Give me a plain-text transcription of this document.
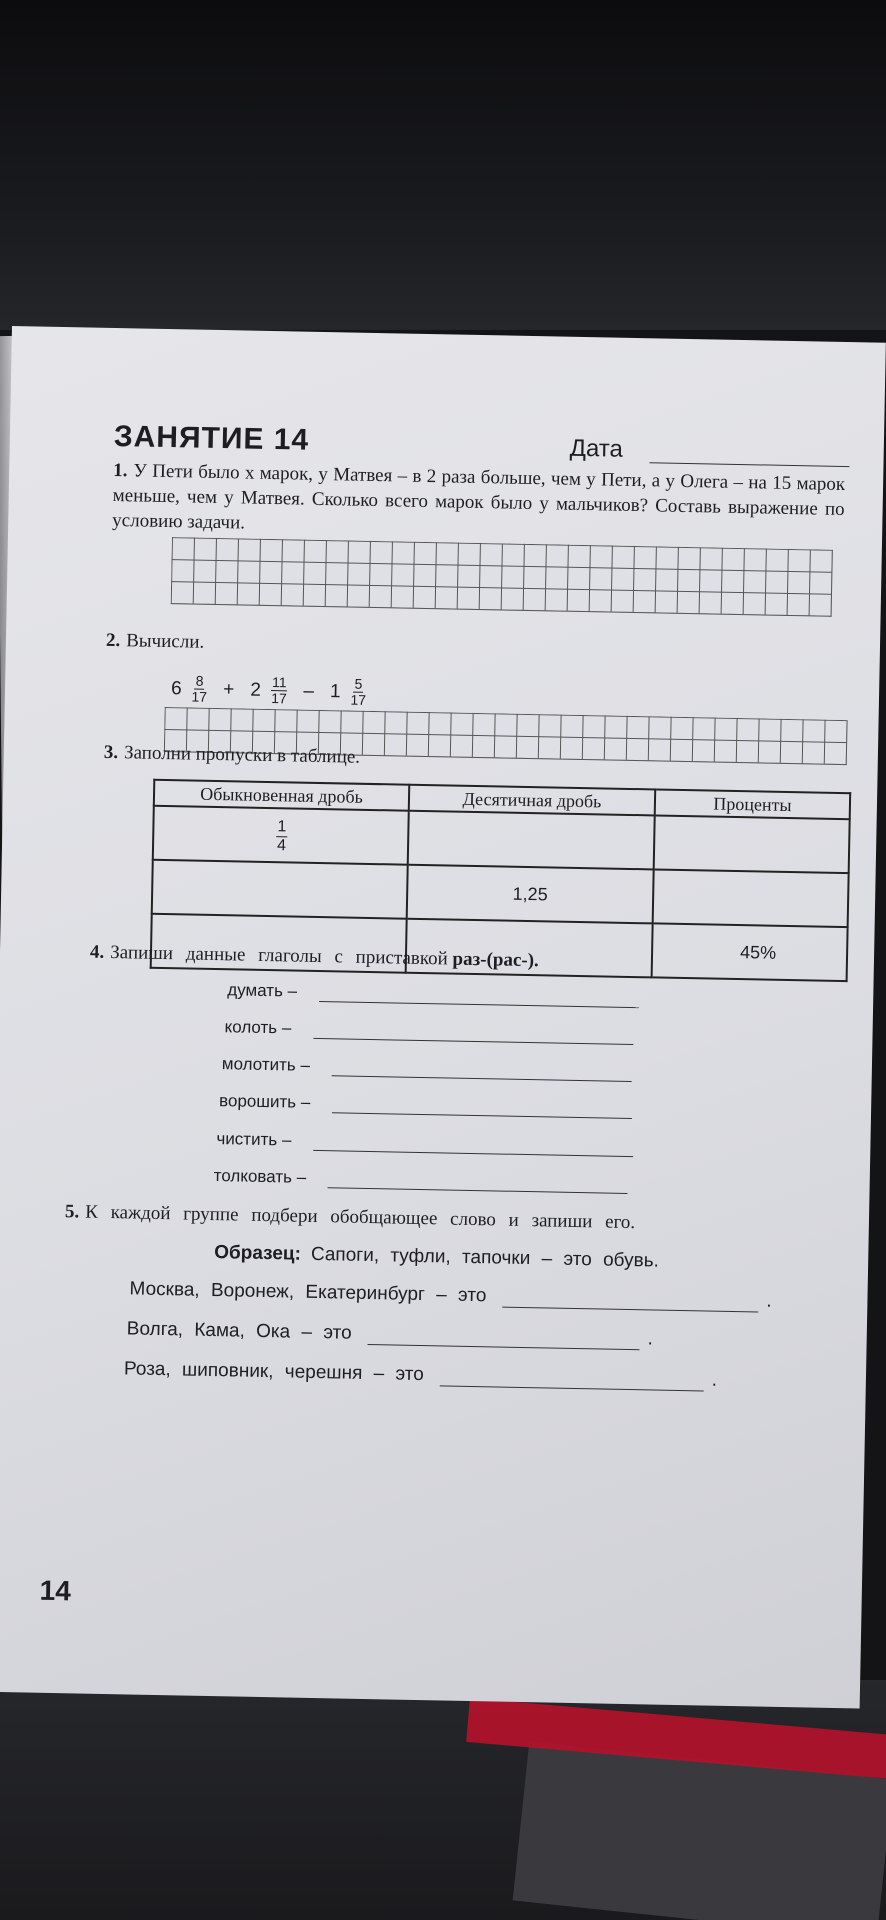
ЗАНЯТИЕ 14	Дата
1. У Пети было x марок, у Матвея – в 2 раза больше, чем у Пети, а у Олега – на 15 марок меньше, чем у Матвея. Сколько всего марок было у мальчиков? Составь выражение по условию задачи.
2. Вычисли.
$6 \frac{8}{17} + 2 \frac{11}{17} - 1 \frac{5}{17}$
3. Заполни пропуски в таблице.
Обыкновенная дробь	Десятичная дробь	Проценты

$\frac{1}{4}$

	1,25	
		45%
4. Запиши данные глаголы с приставкой раз-(рас-).
думать –
колоть –
молотить –
ворошить –
чистить –
толковать –
5. К каждой группе подбери обобщающее слово и запиши его.
Образец: Сапоги, туфли, тапочки – это обувь.
Москва, Воронеж, Екатеринбург – это	.
Волга, Кама, Ока – это	.
Роза, шиповник, черешня – это	.
14
